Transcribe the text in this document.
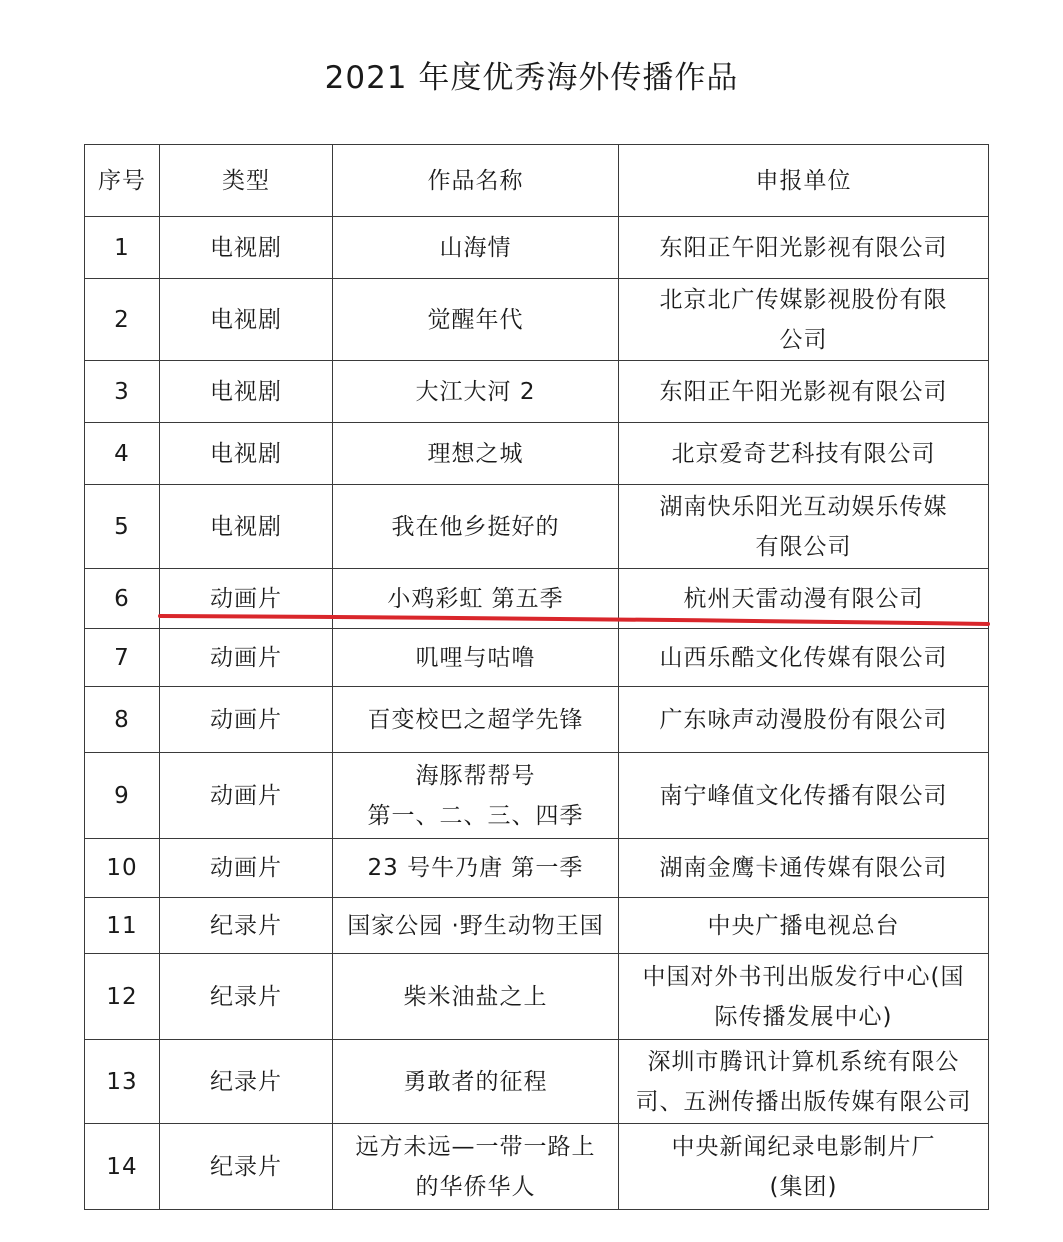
2021 年度优秀海外传播作品
序号	类型	作品名称	申报单位
1	电视剧	山海情	东阳正午阳光影视有限公司
2	电视剧	觉醒年代	北京北广传媒影视股份有限
公司
3	电视剧	大江大河 2	东阳正午阳光影视有限公司
4	电视剧	理想之城	北京爱奇艺科技有限公司
5	电视剧	我在他乡挺好的	湖南快乐阳光互动娱乐传媒
有限公司
6	动画片	小鸡彩虹 第五季	杭州天雷动漫有限公司
7	动画片	叽哩与咕噜	山西乐酷文化传媒有限公司
8	动画片	百变校巴之超学先锋	广东咏声动漫股份有限公司
9	动画片	海豚帮帮号
第一、二、三、四季	南宁峰值文化传播有限公司
10	动画片	23 号牛乃唐 第一季	湖南金鹰卡通传媒有限公司
11	纪录片	国家公园 ·野生动物王国	中央广播电视总台
12	纪录片	柴米油盐之上	中国对外书刊出版发行中心(国
际传播发展中心)
13	纪录片	勇敢者的征程	深圳市腾讯计算机系统有限公
司、五洲传播出版传媒有限公司
14	纪录片	远方未远—一带一路上
的华侨华人	中央新闻纪录电影制片厂
(集团)
